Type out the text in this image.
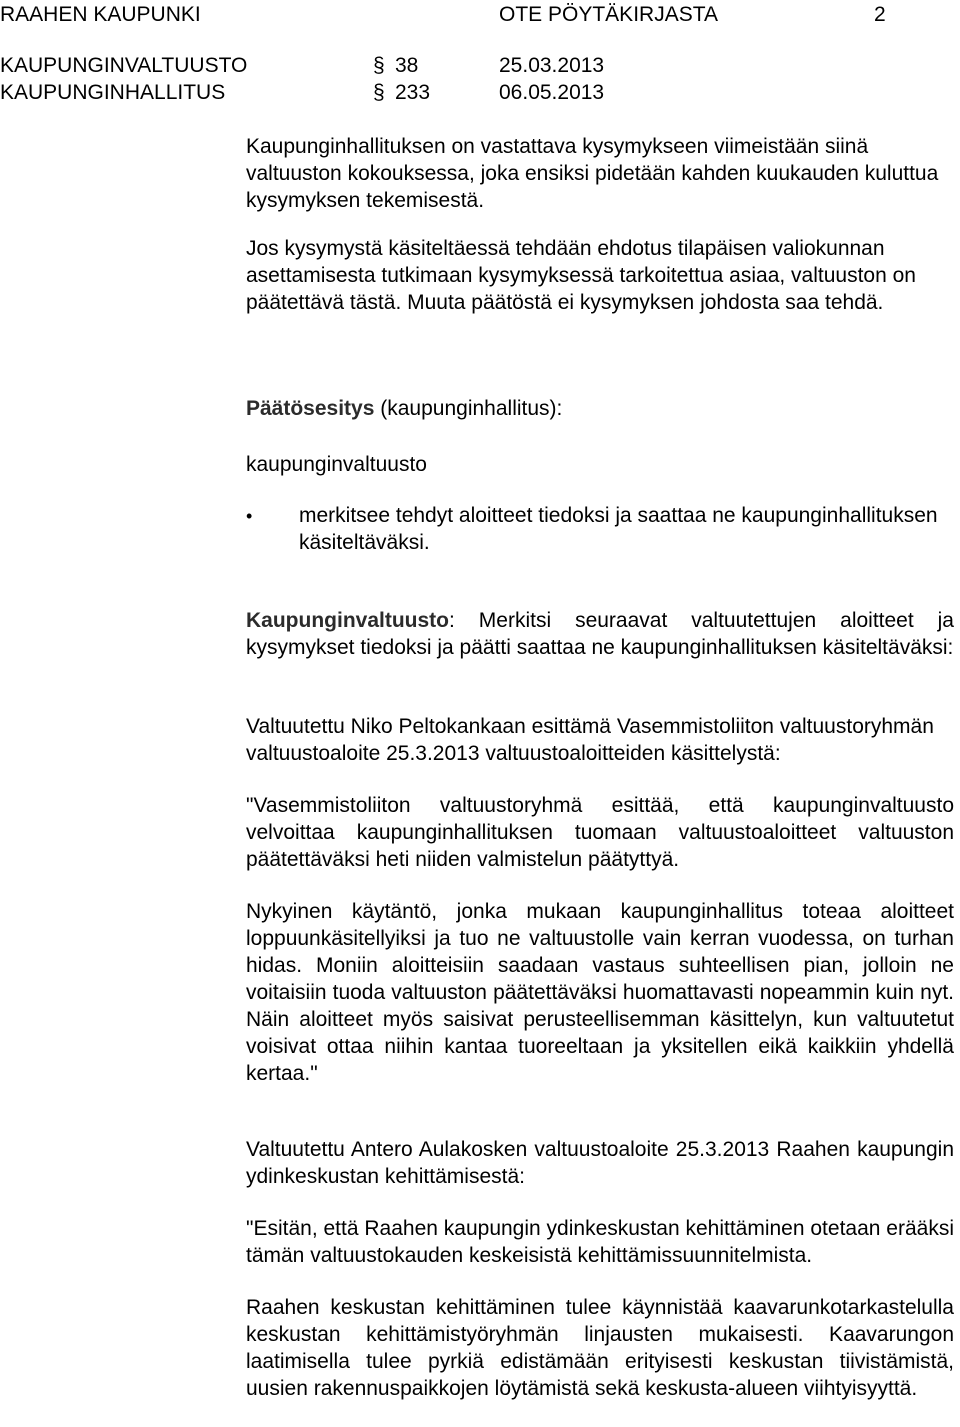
RAAHEN KAUPUNKI	OTE PÖYTÄKIRJASTA	2
KAUPUNGINVALTUUSTO	§ 38	25.03.2013
KAUPUNGINHALLITUS	§ 233	06.05.2013

Kaupunginhallituksen on vastattava kysymykseen viimeistään siinä valtuuston kokouksessa, joka ensiksi pidetään kahden kuukauden kuluttua kysymyksen tekemisestä.

Jos kysymystä käsiteltäessä tehdään ehdotus tilapäisen valiokunnan asettamisesta tutkimaan kysymyksessä tarkoitettua asiaa, valtuuston on päätettävä tästä. Muuta päätöstä ei kysymyksen johdosta saa tehdä.

Päätösesitys (kaupunginhallitus):

kaupunginvaltuusto

• merkitsee tehdyt aloitteet tiedoksi ja saattaa ne kaupunginhallituksen käsiteltäväksi.

Kaupunginvaltuusto: Merkitsi seuraavat valtuutettujen aloitteet ja kysymykset tiedoksi ja päätti saattaa ne kaupunginhallituksen käsiteltäväksi:

Valtuutettu Niko Peltokankaan esittämä Vasemmistoliiton valtuustoryhmän valtuustoaloite 25.3.2013 valtuustoaloitteiden käsittelystä:

"Vasemmistoliiton valtuustoryhmä esittää, että kaupunginvaltuusto velvoittaa kaupunginhallituksen tuomaan valtuustoaloitteet valtuuston päätettäväksi heti niiden valmistelun päätyttyä.

Nykyinen käytäntö, jonka mukaan kaupunginhallitus toteaa aloitteet loppuunkäsitellyiksi ja tuo ne valtuustolle vain kerran vuodessa, on turhan hidas. Moniin aloitteisiin saadaan vastaus suhteellisen pian, jolloin ne voitaisiin tuoda valtuuston päätettäväksi huomattavasti nopeammin kuin nyt. Näin aloitteet myös saisivat perusteellisemman käsittelyn, kun valtuutetut voisivat ottaa niihin kantaa tuoreeltaan ja yksitellen eikä kaikkiin yhdellä kertaa."

Valtuutettu Antero Aulakosken valtuustoaloite 25.3.2013 Raahen kaupungin ydinkeskustan kehittämisestä:

"Esitän, että Raahen kaupungin ydinkeskustan kehittäminen otetaan erääksi tämän valtuustokauden keskeisistä kehittämissuunnitelmista.

Raahen keskustan kehittäminen tulee käynnistää kaavarunkotarkastelulla keskustan kehittämistyöryhmän linjausten mukaisesti. Kaavarungon laatimisella tulee pyrkiä edistämään erityisesti keskustan tiivistämistä, uusien rakennuspaikkojen löytämistä sekä keskusta-alueen viihtyisyyttä.
